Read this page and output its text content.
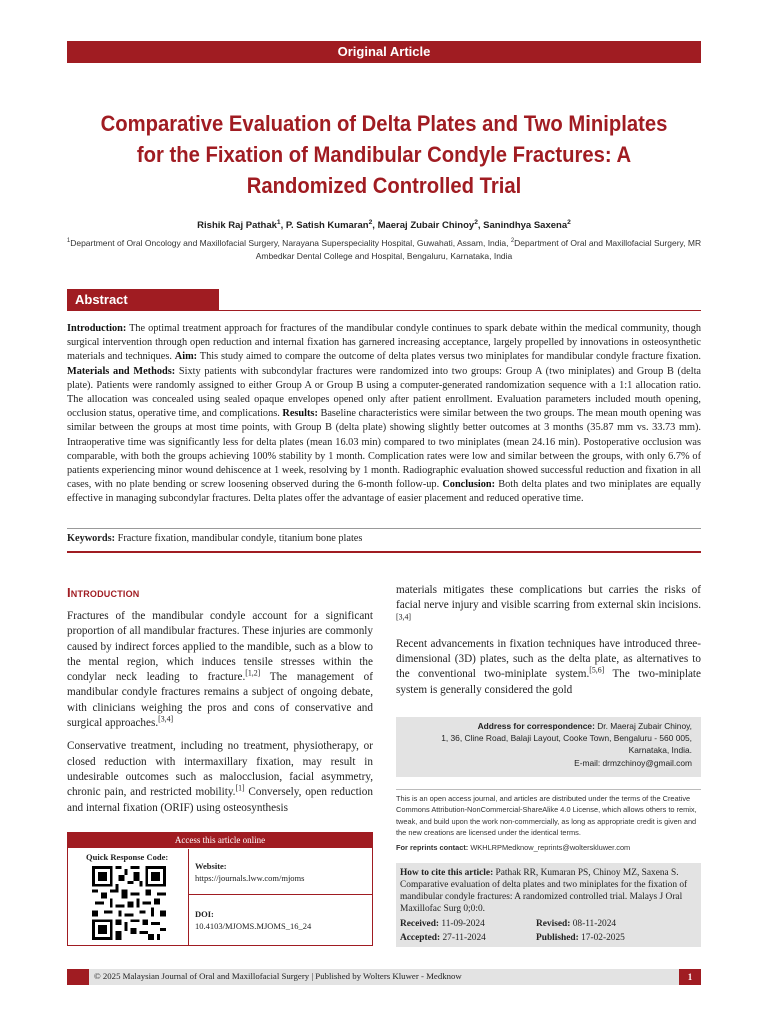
Original Article
Comparative Evaluation of Delta Plates and Two Miniplates for the Fixation of Mandibular Condyle Fractures: A Randomized Controlled Trial
Rishik Raj Pathak$^1$, P. Satish Kumaran$^2$, Maeraj Zubair Chinoy$^2$, Sanindhya Saxena$^2$
$^1$Department of Oral Oncology and Maxillofacial Surgery, Narayana Superspeciality Hospital, Guwahati, Assam, India, $^2$Department of Oral and Maxillofacial Surgery, MR Ambedkar Dental College and Hospital, Bengaluru, Karnataka, India
Abstract
Introduction: The optimal treatment approach for fractures of the mandibular condyle continues to spark debate within the medical community, though surgical intervention through open reduction and internal fixation has garnered increasing acceptance, largely propelled by innovations in osteosynthetic materials and techniques. Aim: This study aimed to compare the outcome of delta plates versus two miniplates for mandibular condyle fracture fixation. Materials and Methods: Sixty patients with subcondylar fractures were randomized into two groups: Group A (two miniplates) and Group B (delta plate). Patients were randomly assigned to either Group A or Group B using a computer-generated randomization sequence with a 1:1 allocation ratio. The allocation was concealed using sealed opaque envelopes opened only after patient enrollment. Evaluation parameters included mouth opening, occlusion status, operative time, and complications. Results: Baseline characteristics were similar between the two groups. The mean mouth opening was similar between the groups at most time points, with Group B (delta plate) showing slightly better outcomes at 3 months (35.87 mm vs. 33.73 mm). Intraoperative time was significantly less for delta plates (mean 16.03 min) compared to two miniplates (mean 24.16 min). Postoperative occlusion was comparable, with both the groups achieving 100% stability by 1 month. Complication rates were low and similar between the groups, with only 6.7% of patients experiencing minor wound dehiscence at 1 week, resolving by 1 month. Radiographic evaluation showed successful reduction and fixation in all cases, with no plate bending or screw loosening observed during the 6-month follow-up. Conclusion: Both delta plates and two miniplates are equally effective in managing subcondylar fractures. Delta plates offer the advantage of easier placement and reduced operative time.
Keywords: Fracture fixation, mandibular condyle, titanium bone plates
Introduction

Fractures of the mandibular condyle account for a significant proportion of all mandibular fractures. These injuries are commonly caused by indirect forces applied to the mandible, such as a blow to the mental region, which induces tensile stresses within the condylar neck leading to fracture.[1,2] The management of mandibular condyle fractures remains a subject of ongoing debate, with clinicians weighing the pros and cons of conservative and surgical approaches.[3,4]

Conservative treatment, including no treatment, physiotherapy, or closed reduction with intermaxillary fixation, may result in undesirable outcomes such as malocclusion, facial asymmetry, chronic pain, and restricted mobility.[1] Conversely, open reduction and internal fixation (ORIF) using osteosynthesis

materials mitigates these complications but carries the risks of facial nerve injury and visible scarring from external skin incisions.[3,4]

Recent advancements in fixation techniques have introduced three-dimensional (3D) plates, such as the delta plate, as alternatives to the conventional two-miniplate system.[5,6] The two-miniplate system is generally considered the gold

Address for correspondence: Dr. Maeraj Zubair Chinoy,
1, 36, Cline Road, Balaji Layout, Cooke Town, Bengaluru - 560 005,
Karnataka, India.
E-mail: drmzchinoy@gmail.com
This is an open access journal, and articles are distributed under the terms of the Creative Commons Attribution-NonCommercial-ShareAlike 4.0 License, which allows others to remix, tweak, and build upon the work non-commercially, as long as appropriate credit is given and the new creations are licensed under the identical terms.
For reprints contact: WKHLRPMedknow_reprints@wolterskluwer.com
How to cite this article: Pathak RR, Kumaran PS, Chinoy MZ, Saxena S. Comparative evaluation of delta plates and two miniplates for the fixation of mandibular condyle fractures: A randomized controlled trial. Malays J Oral Maxillofac Surg 0;0:0.
Received: 11-09-2024	Revised: 08-11-2024
Accepted: 27-11-2024	Published: 17-02-2025
Access this article online
Quick Response Code:
Website:
https://journals.lww.com/mjoms
DOI:
10.4103/MJOMS.MJOMS_16_24
© 2025 Malaysian Journal of Oral and Maxillofacial Surgery | Published by Wolters Kluwer - Medknow	1
